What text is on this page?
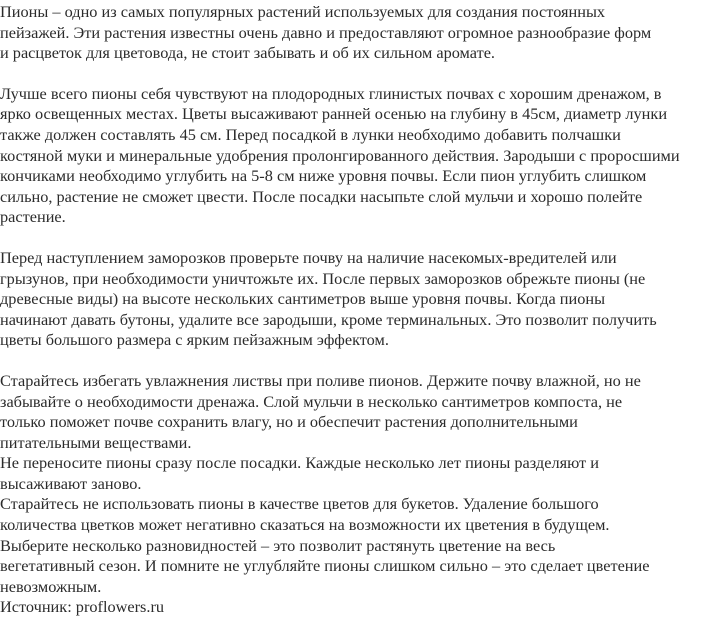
Пионы – одно из самых популярных растений используемых для создания постоянных
пейзажей. Эти растения известны очень давно и предоставляют огромное разнообразие форм
и расцветок для цветовода, не стоит забывать и об их сильном аромате.

Лучше всего пионы себя чувствуют на плодородных глинистых почвах с хорошим дренажом, в
ярко освещенных местах. Цветы высаживают ранней осенью на глубину в 45см, диаметр лунки
также должен составлять 45 см. Перед посадкой в лунки необходимо добавить полчашки
костяной муки и минеральные удобрения пролонгированного действия. Зародыши с проросшими
кончиками необходимо углубить на 5-8 см ниже уровня почвы. Если пион углубить слишком
сильно, растение не сможет цвести. После посадки насыпьте слой мульчи и хорошо полейте
растение.

Перед наступлением заморозков проверьте почву на наличие насекомых-вредителей или
грызунов, при необходимости уничтожьте их. После первых заморозков обрежьте пионы (не
древесные виды) на высоте нескольких сантиметров выше уровня почвы. Когда пионы
начинают давать бутоны, удалите все зародыши, кроме терминальных. Это позволит получить
цветы большого размера с ярким пейзажным эффектом.

Старайтесь избегать увлажнения листвы при поливе пионов. Держите почву влажной, но не
забывайте о необходимости дренажа. Слой мульчи в несколько сантиметров компоста, не
только поможет почве сохранить влагу, но и обеспечит растения дополнительными
питательными веществами.

Не переносите пионы сразу после посадки. Каждые несколько лет пионы разделяют и
высаживают заново.

Старайтесь не использовать пионы в качестве цветов для букетов. Удаление большого
количества цветков может негативно сказаться на возможности их цветения в будущем.
Выберите несколько разновидностей – это позволит растянуть цветение на весь
вегетативный сезон. И помните не углубляйте пионы слишком сильно – это сделает цветение
невозможным.

Источник: proflowers.ru
